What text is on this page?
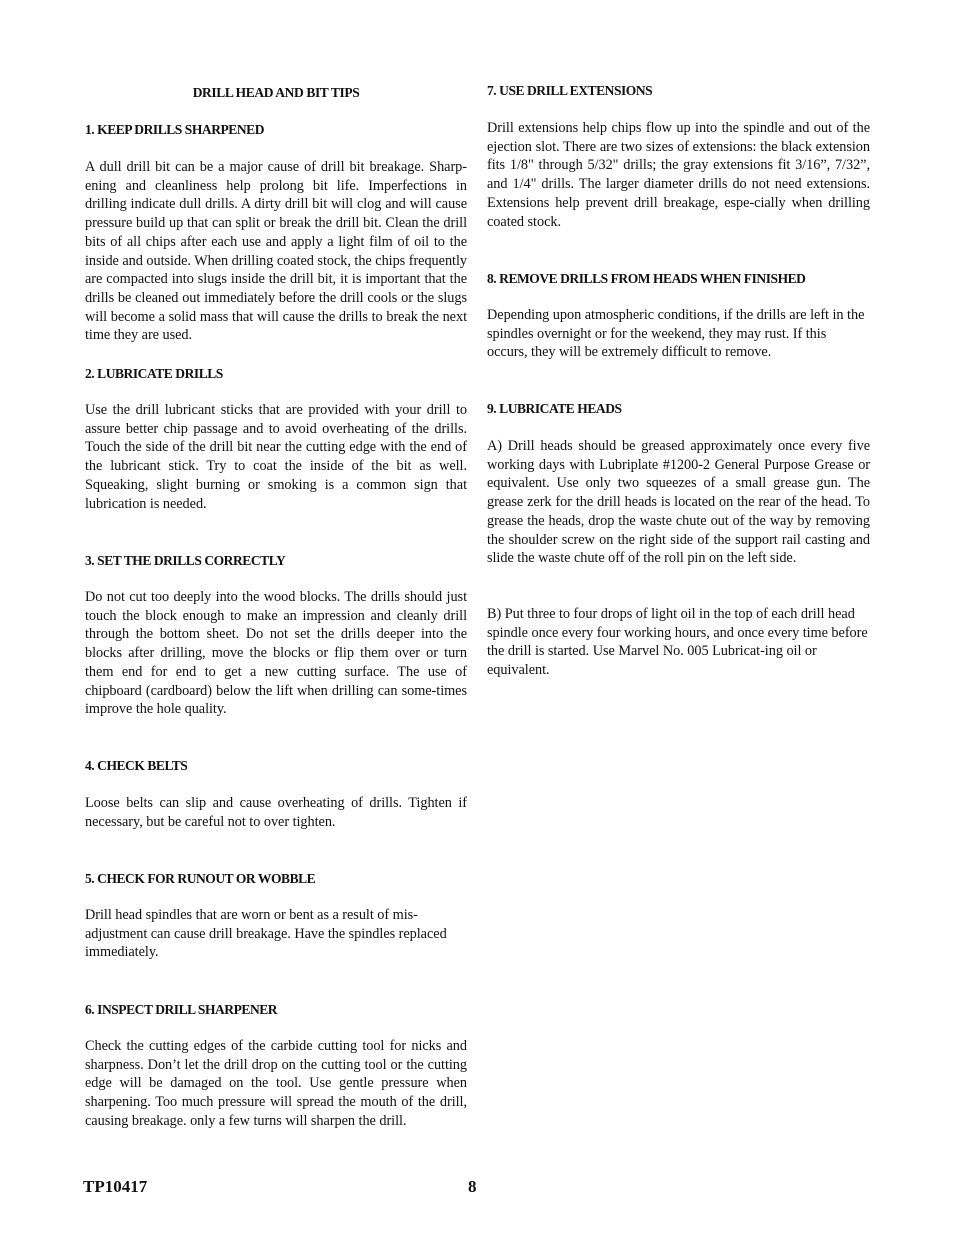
DRILL HEAD AND BIT TIPS
1. KEEP DRILLS SHARPENED

A dull drill bit can be a major cause of drill bit breakage. Sharp-ening and cleanliness help prolong bit life. Imperfections in drilling indicate dull drills. A dirty drill bit will clog and will cause pressure build up that can split or break the drill bit. Clean the drill bits of all chips after each use and apply a light film of oil to the inside and outside. When drilling coated stock, the chips frequently are compacted into slugs inside the drill bit, it is important that the drills be cleaned out immediately before the drill cools or the slugs will become a solid mass that will cause the drills to break the next time they are used.

2. LUBRICATE DRILLS

Use the drill lubricant sticks that are provided with your drill to assure better chip passage and to avoid overheating of the drills. Touch the side of the drill bit near the cutting edge with the end of the lubricant stick. Try to coat the inside of the bit as well. Squeaking, slight burning or smoking is a common sign that lubrication is needed.

3. SET THE DRILLS CORRECTLY

Do not cut too deeply into the wood blocks. The drills should just touch the block enough to make an impression and cleanly drill through the bottom sheet. Do not set the drills deeper into the blocks after drilling, move the blocks or flip them over or turn them end for end to get a new cutting surface. The use of chipboard (cardboard) below the lift when drilling can some-times improve the hole quality.

4. CHECK BELTS

Loose belts can slip and cause overheating of drills. Tighten if necessary, but be careful not to over tighten.

5. CHECK FOR RUNOUT OR WOBBLE

Drill head spindles that are worn or bent as a result of mis-adjustment can cause drill breakage. Have the spindles replaced immediately.

6. INSPECT DRILL SHARPENER

Check the cutting edges of the carbide cutting tool for nicks and sharpness. Don’t let the drill drop on the cutting tool or the cutting edge will be damaged on the tool. Use gentle pressure when sharpening. Too much pressure will spread the mouth of the drill, causing breakage. only a few turns will sharpen the drill.

7. USE DRILL EXTENSIONS

Drill extensions help chips flow up into the spindle and out of the ejection slot. There are two sizes of extensions: the black extension fits 1/8" through 5/32" drills; the gray extensions fit 3/16”, 7/32”, and 1/4" drills. The larger diameter drills do not need extensions. Extensions help prevent drill breakage, espe-cially when drilling coated stock.

8. REMOVE DRILLS FROM HEADS WHEN FINISHED

Depending upon atmospheric conditions, if the drills are left in the spindles overnight or for the weekend, they may rust. If this occurs, they will be extremely difficult to remove.

9. LUBRICATE HEADS

A) Drill heads should be greased approximately once every five working days with Lubriplate #1200-2 General Purpose Grease or equivalent. Use only two squeezes of a small grease gun. The grease zerk for the drill heads is located on the rear of the head. To grease the heads, drop the waste chute out of the way by removing the shoulder screw on the right side of the support rail casting and slide the waste chute off of the roll pin on the left side.

B) Put three to four drops of light oil in the top of each drill head spindle once every four working hours, and once every time before the drill is started. Use Marvel No. 005 Lubricat-ing oil or equivalent.

TP10417	8
